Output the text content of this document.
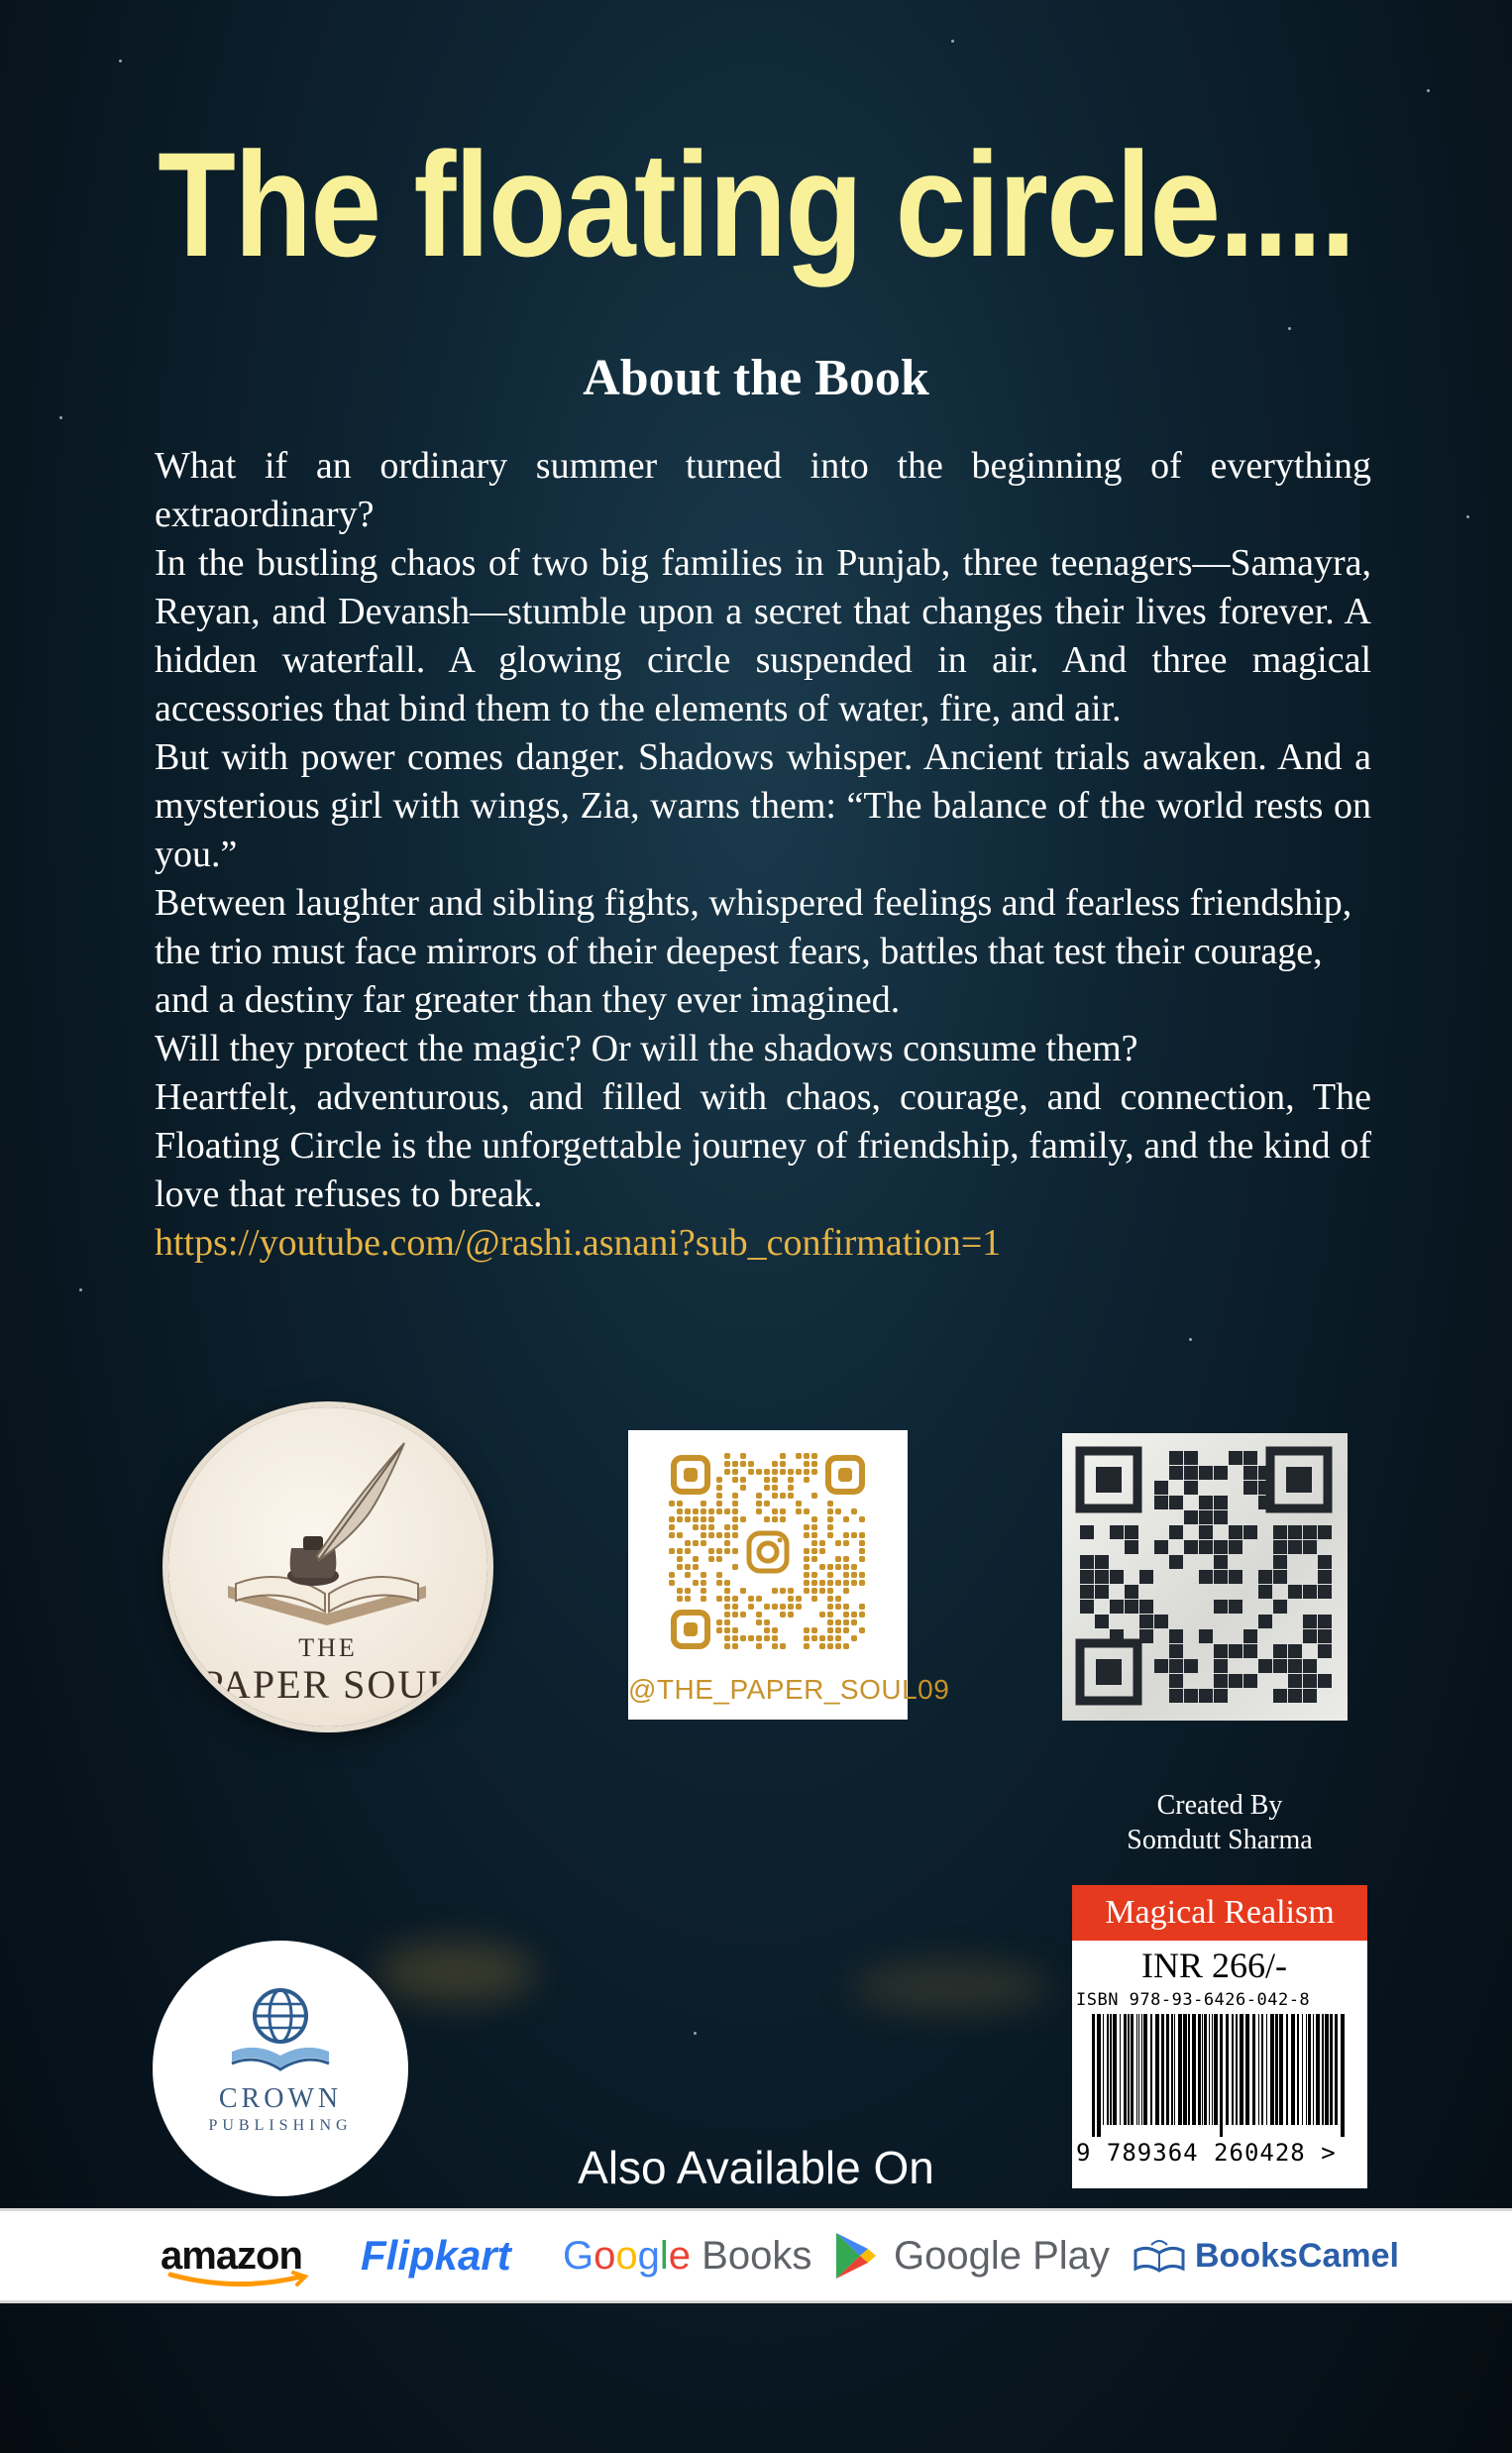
The floating circle....
About the Book

What if an ordinary summer turned into the beginning of everything extraordinary?

In the bustling chaos of two big families in Punjab, three teenagers—Samayra, Reyan, and Devansh—stumble upon a secret that changes their lives forever. A hidden waterfall. A glowing circle suspended in air. And three magical accessories that bind them to the elements of water, fire, and air.

But with power comes danger. Shadows whisper. Ancient trials awaken. And a mysterious girl with wings, Zia, warns them: “The balance of the world rests on you.”

Between laughter and sibling fights, whispered feelings and fearless friendship, the trio must face mirrors of their deepest fears, battles that test their courage, and a destiny far greater than they ever imagined.

Will they protect the magic? Or will the shadows consume them?

Heartfelt, adventurous, and filled with chaos, courage, and connection, The Floating Circle is the unforgettable journey of friendship, family, and the kind of love that refuses to break.

https://youtube.com/@rashi.asnani?sub_confirmation=1
THE
PAPER SOUL	@THE_PAPER_SOUL09
Created By
Somdutt Sharma
Magical Realism
INR 266/-
ISBN 978-93-6426-042-8
9 789364 260428 >
CROWN
PUBLISHING
Also Available On
amazon Flipkart Google Books Google Play	BooksCamel
